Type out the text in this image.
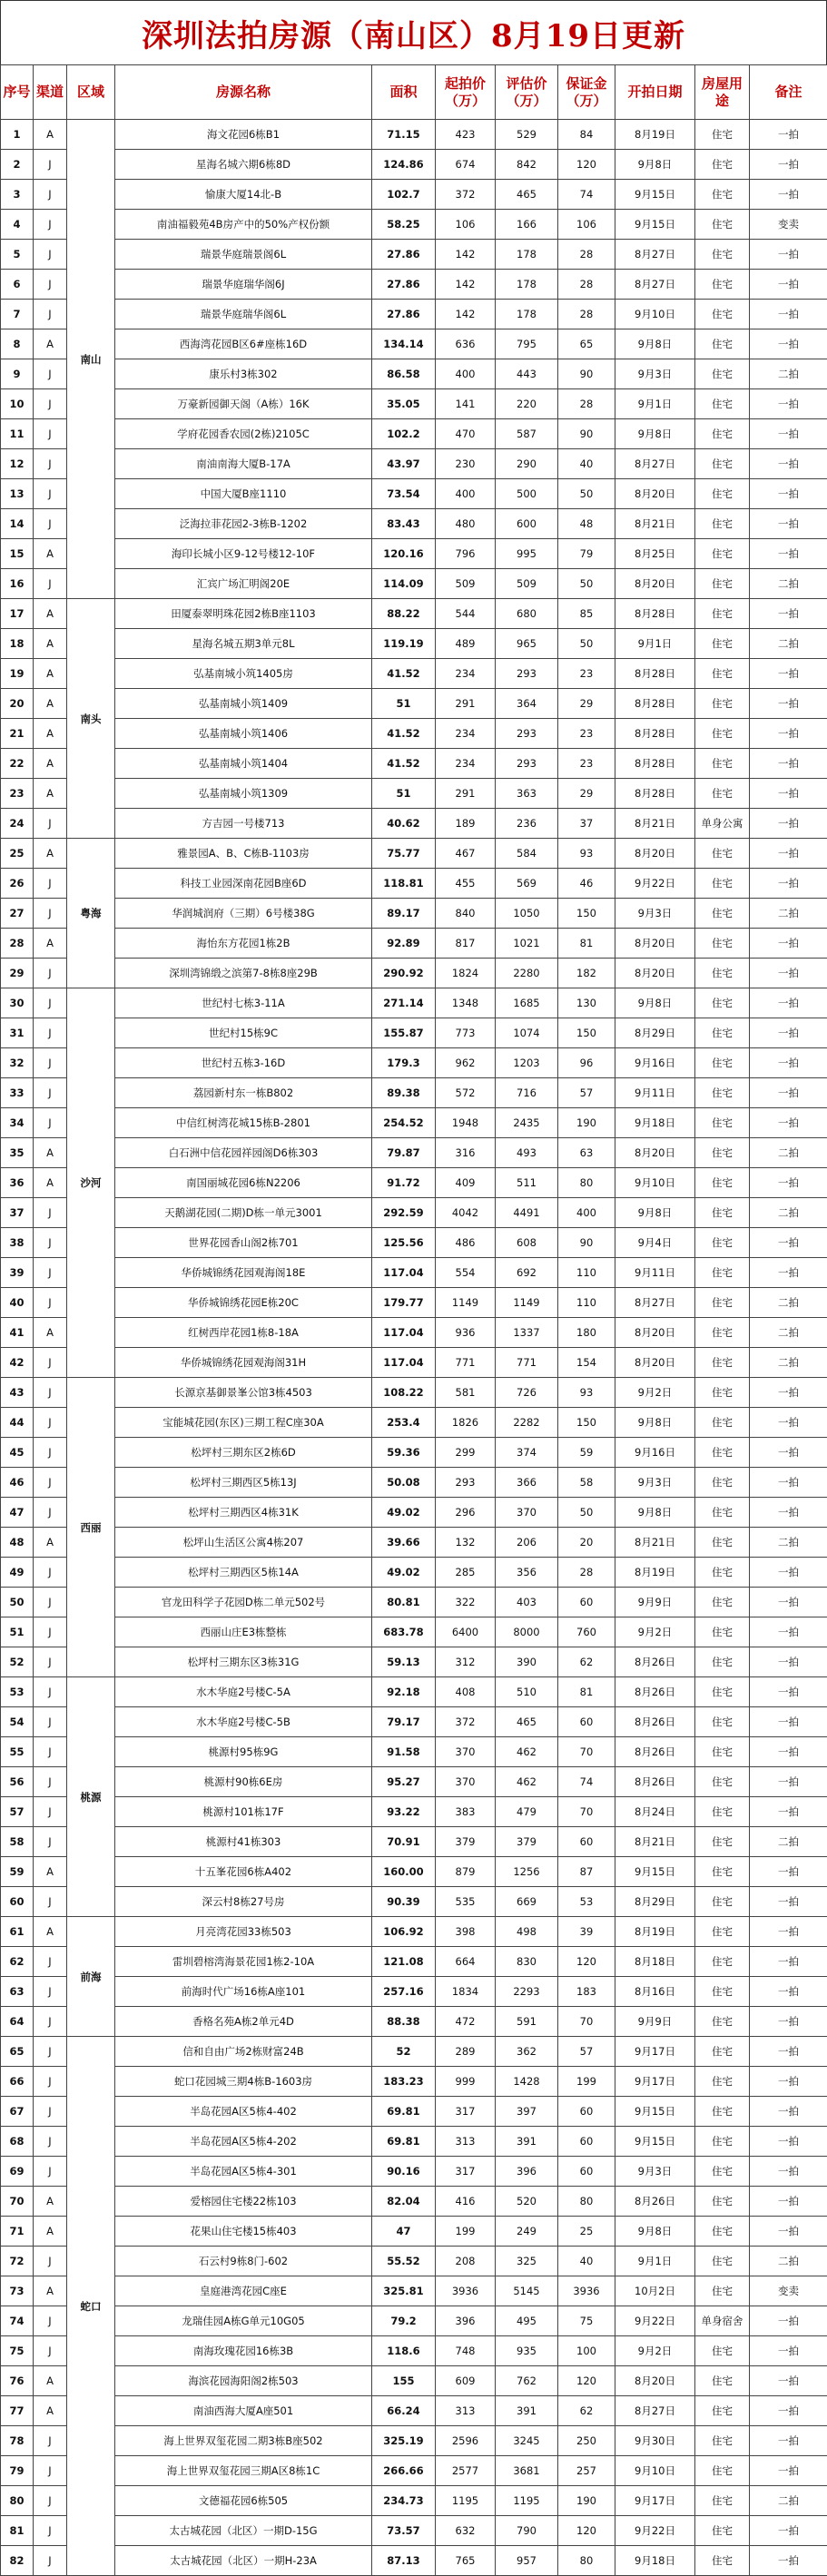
深圳法拍房源（南山区）8月19日更新
序号	渠道	区域	房源名称	面积	起拍价（万）	评估价（万）	保证金（万）	开拍日期	房屋用途	备注
1	A	南山	海文花园6栋B1	71.15	423	529	84	8月19日	住宅	一拍
2	J		星海名城六期6栋8D	124.86	674	842	120	9月8日	住宅	一拍
3	J		愉康大厦14北-B	102.7	372	465	74	9月15日	住宅	一拍
4	J		南油福毅苑4B房产中的50%产权份额	58.25	106	166	106	9月15日	住宅	变卖
5	J		瑞景华庭瑞景阁6L	27.86	142	178	28	8月27日	住宅	一拍
6	J		瑞景华庭瑞华阁6J	27.86	142	178	28	8月27日	住宅	一拍
7	J		瑞景华庭瑞华阁6L	27.86	142	178	28	9月10日	住宅	一拍
8	A		西海湾花园B区6#座栋16D	134.14	636	795	65	9月8日	住宅	一拍
9	J		康乐村3栋302	86.58	400	443	90	9月3日	住宅	二拍
10	J		万豪新园御天阁（A栋）16K	35.05	141	220	28	9月1日	住宅	一拍
11	J		学府花园香农园(2栋)2105C	102.2	470	587	90	9月8日	住宅	一拍
12	J		南油南海大厦B-17A	43.97	230	290	40	8月27日	住宅	一拍
13	J		中国大厦B座1110	73.54	400	500	50	8月20日	住宅	一拍
14	J		泛海拉菲花园2-3栋B-1202	83.43	480	600	48	8月21日	住宅	一拍
15	A		海印长城小区9-12号楼12-10F	120.16	796	995	79	8月25日	住宅	一拍
16	J		汇宾广场汇明阁20E	114.09	509	509	50	8月20日	住宅	二拍
17	A	南头	田厦泰翠明珠花园2栋B座1103	88.22	544	680	85	8月28日	住宅	一拍
18	A		星海名城五期3单元8L	119.19	489	965	50	9月1日	住宅	二拍
19	A		弘基南城小筑1405房	41.52	234	293	23	8月28日	住宅	一拍
20	A		弘基南城小筑1409	51	291	364	29	8月28日	住宅	一拍
21	A		弘基南城小筑1406	41.52	234	293	23	8月28日	住宅	一拍
22	A		弘基南城小筑1404	41.52	234	293	23	8月28日	住宅	一拍
23	A		弘基南城小筑1309	51	291	363	29	8月28日	住宅	一拍
24	J		方吉园一号楼713	40.62	189	236	37	8月21日	单身公寓	一拍
25	A	粤海	雅景园A、B、C栋B-1103房	75.77	467	584	93	8月20日	住宅	一拍
26	J		科技工业园深南花园B座6D	118.81	455	569	46	9月22日	住宅	一拍
27	J		华润城润府（三期）6号楼38G	89.17	840	1050	150	9月3日	住宅	二拍
28	A		海怡东方花园1栋2B	92.89	817	1021	81	8月20日	住宅	一拍
29	J		深圳湾锦缎之滨第7-8栋8座29B	290.92	1824	2280	182	8月20日	住宅	一拍
30	J	沙河	世纪村七栋3-11A	271.14	1348	1685	130	9月8日	住宅	一拍
31	J		世纪村15栋9C	155.87	773	1074	150	8月29日	住宅	一拍
32	J		世纪村五栋3-16D	179.3	962	1203	96	9月16日	住宅	一拍
33	J		荔园新村东一栋B802	89.38	572	716	57	9月11日	住宅	一拍
34	J		中信红树湾花城15栋B-2801	254.52	1948	2435	190	9月18日	住宅	一拍
35	A		白石洲中信花园祥园阁D6栋303	79.87	316	493	63	8月20日	住宅	二拍
36	A		南国丽城花园6栋N2206	91.72	409	511	80	9月10日	住宅	一拍
37	J		天鹅湖花园(二期)D栋一单元3001	292.59	4042	4491	400	9月8日	住宅	二拍
38	J		世界花园香山阁2栋701	125.56	486	608	90	9月4日	住宅	一拍
39	J		华侨城锦绣花园观海阁18E	117.04	554	692	110	9月11日	住宅	一拍
40	J		华侨城锦绣花园E栋20C	179.77	1149	1149	110	8月27日	住宅	二拍
41	A		红树西岸花园1栋8-18A	117.04	936	1337	180	8月20日	住宅	二拍
42	J		华侨城锦绣花园观海阁31H	117.04	771	771	154	8月20日	住宅	二拍
43	J	西丽	长源京基御景峯公馆3栋4503	108.22	581	726	93	9月2日	住宅	一拍
44	J		宝能城花园(东区)三期工程C座30A	253.4	1826	2282	150	9月8日	住宅	一拍
45	J		松坪村三期东区2栋6D	59.36	299	374	59	9月16日	住宅	一拍
46	J		松坪村三期西区5栋13J	50.08	293	366	58	9月3日	住宅	一拍
47	J		松坪村三期西区4栋31K	49.02	296	370	50	9月8日	住宅	一拍
48	A		松坪山生活区公寓4栋207	39.66	132	206	20	8月21日	住宅	二拍
49	J		松坪村三期西区5栋14A	49.02	285	356	28	8月19日	住宅	一拍
50	J		官龙田科学子花园D栋二单元502号	80.81	322	403	60	9月9日	住宅	一拍
51	J		西丽山庄E3栋整栋	683.78	6400	8000	760	9月2日	住宅	一拍
52	J		松坪村三期东区3栋31G	59.13	312	390	62	8月26日	住宅	一拍
53	J	桃源	水木华庭2号楼C-5A	92.18	408	510	81	8月26日	住宅	一拍
54	J		水木华庭2号楼C-5B	79.17	372	465	60	8月26日	住宅	一拍
55	J		桃源村95栋9G	91.58	370	462	70	8月26日	住宅	一拍
56	J		桃源村90栋6E房	95.27	370	462	74	8月26日	住宅	一拍
57	J		桃源村101栋17F	93.22	383	479	70	8月24日	住宅	一拍
58	J		桃源村41栋303	70.91	379	379	60	8月21日	住宅	二拍
59	A		十五峯花园6栋A402	160.00	879	1256	87	9月15日	住宅	一拍
60	J		深云村8栋27号房	90.39	535	669	53	8月29日	住宅	一拍
61	A	前海	月亮湾花园33栋503	106.92	398	498	39	8月19日	住宅	一拍
62	J		雷圳碧榕湾海景花园1栋2-10A	121.08	664	830	120	8月18日	住宅	一拍
63	J		前海时代广场16栋A座101	257.16	1834	2293	183	8月16日	住宅	一拍
64	J		香格名苑A栋2单元4D	88.38	472	591	70	9月9日	住宅	一拍
65	J	蛇口	信和自由广场2栋财富24B	52	289	362	57	9月17日	住宅	一拍
66	J		蛇口花园城三期4栋B-1603房	183.23	999	1428	199	9月17日	住宅	一拍
67	J		半岛花园A区5栋4-402	69.81	317	397	60	9月15日	住宅	一拍
68	J		半岛花园A区5栋4-202	69.81	313	391	60	9月15日	住宅	一拍
69	J		半岛花园A区5栋4-301	90.16	317	396	60	9月3日	住宅	一拍
70	A		爱榕园住宅楼22栋103	82.04	416	520	80	8月26日	住宅	一拍
71	A		花果山住宅楼15栋403	47	199	249	25	9月8日	住宅	一拍
72	J		石云村9栋8门-602	55.52	208	325	40	9月1日	住宅	二拍
73	A		皇庭港湾花园C座E	325.81	3936	5145	3936	10月2日	住宅	变卖
74	J		龙瑞佳园A栋G单元10G05	79.2	396	495	75	9月22日	单身宿舍	一拍
75	J		南海玫瑰花园16栋3B	118.6	748	935	100	9月2日	住宅	一拍
76	A		海滨花园海阳阁2栋503	155	609	762	120	8月20日	住宅	一拍
77	A		南油西海大厦A座501	66.24	313	391	62	8月27日	住宅	一拍
78	J		海上世界双玺花园二期3栋B座502	325.19	2596	3245	250	9月30日	住宅	一拍
79	J		海上世界双玺花园三期A区8栋1C	266.66	2577	3681	257	9月10日	住宅	一拍
80	J		文德福花园6栋505	234.73	1195	1195	190	9月17日	住宅	二拍
81	J		太古城花园（北区）一期D-15G	73.57	632	790	120	9月22日	住宅	一拍
82	J		太古城花园（北区）一期H-23A	87.13	765	957	80	9月18日	住宅	一拍
